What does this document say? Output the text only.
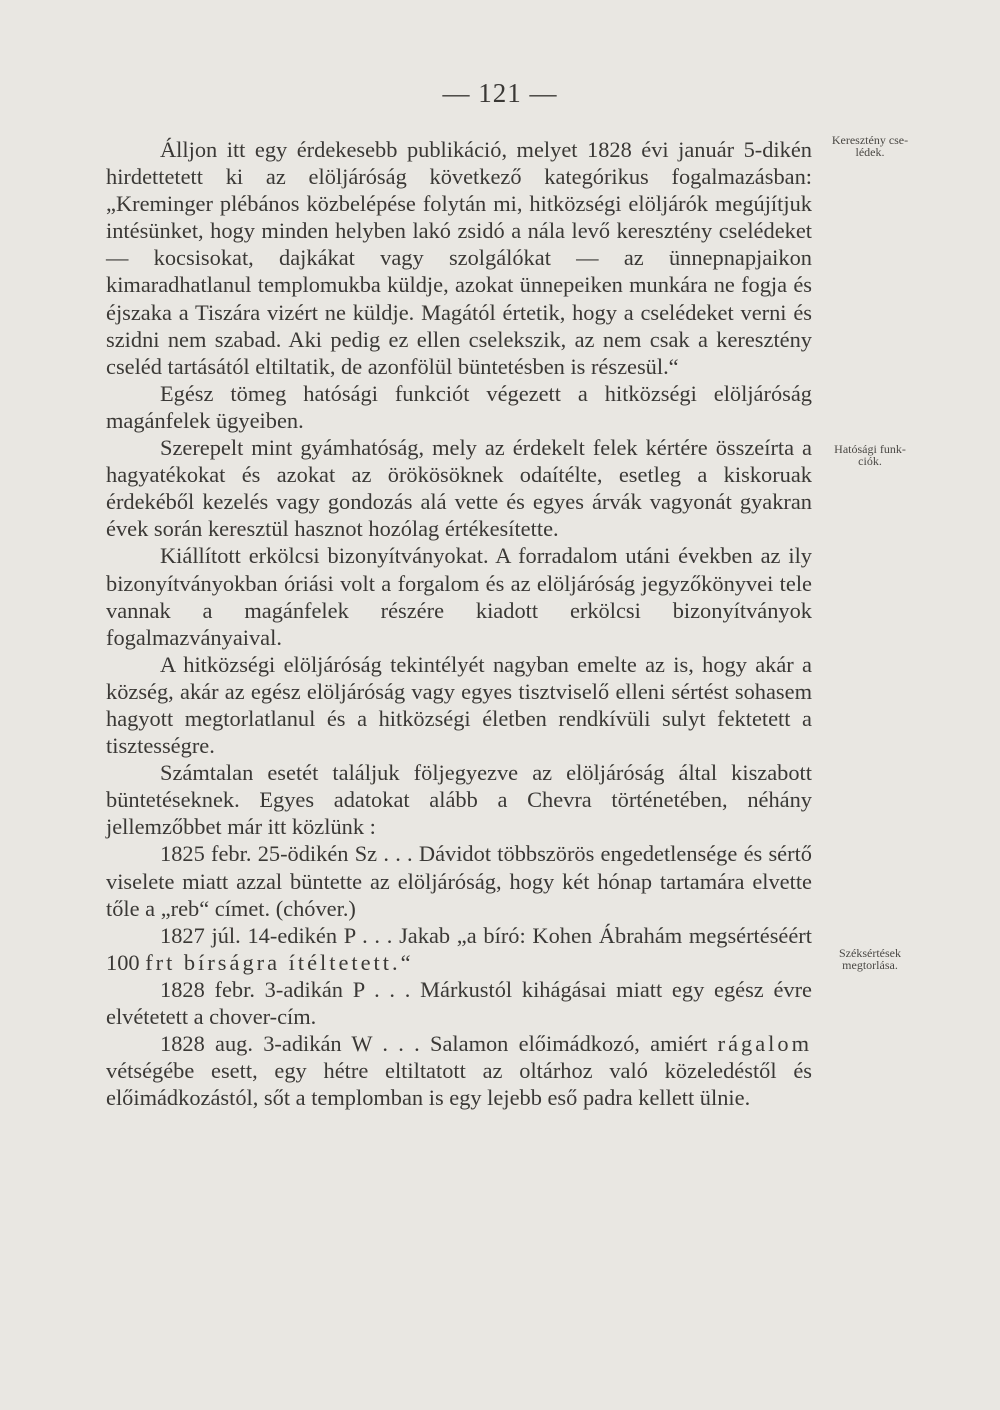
— 121 —
Keresztény cse-
lédek.
Hatósági funk-
ciók.
Széksértések
megtorlása.

Álljon itt egy érdekesebb publikáció, melyet 1828 évi január 5-dikén hirdettetett ki az elöljáróság következő kategórikus fogalmazásban: „Kreminger plébános közbelépése folytán mi, hitközségi elöljárók megújítjuk intésünket, hogy minden helyben lakó zsidó a nála levő keresztény cselédeket — kocsisokat, dajkákat vagy szolgálókat — az ünnepnapjaikon kimaradhatlanul templomukba küldje, azokat ünnepeiken munkára ne fogja és éjszaka a Tiszára vizért ne küldje. Magától értetik, hogy a cselédeket verni és szidni nem szabad. Aki pedig ez ellen cselekszik, az nem csak a keresztény cseléd tartásától eltiltatik, de azonfölül büntetésben is részesül.“

Egész tömeg hatósági funkciót végezett a hitközségi elöljáróság magánfelek ügyeiben.

Szerepelt mint gyámhatóság, mely az érdekelt felek kértére összeírta a hagyatékokat és azokat az örökösöknek odaítélte, esetleg a kiskoruak érdekéből kezelés vagy gondozás alá vette és egyes árvák vagyonát gyakran évek során keresztül hasznot hozólag értékesítette.

Kiállított erkölcsi bizonyítványokat. A forradalom utáni években az ily bizonyítványokban óriási volt a forgalom és az elöljáróság jegyzőkönyvei tele vannak a magánfelek részére kiadott erkölcsi bizonyítványok fogalmazványaival.

A hitközségi elöljáróság tekintélyét nagyban emelte az is, hogy akár a község, akár az egész elöljáróság vagy egyes tisztviselő elleni sértést sohasem hagyott megtorlatlanul és a hitközségi életben rendkívüli sulyt fektetett a tisztességre.

Számtalan esetét találjuk följegyezve az elöljáróság által kiszabott büntetéseknek. Egyes adatokat alább a Chevra történetében, néhány jellemzőbbet már itt közlünk :

1825 febr. 25-ödikén Sz . . . Dávidot többszörös engedetlensége és sértő viselete miatt azzal büntette az elöljáróság, hogy két hónap tartamára elvette tőle a „reb“ címet. (chóver.)

1827 júl. 14-edikén P . . . Jakab „a bíró: Kohen Ábrahám megsértéséért 100 frt bírságra ítéltetett.“

1828 febr. 3-adikán P . . . Márkustól kihágásai miatt egy egész évre elvétetett a chover-cím.

1828 aug. 3-adikán W . . . Salamon előimádkozó, amiért rágalom vétségébe esett, egy hétre eltiltatott az oltárhoz való közeledéstől és előimádkozástól, sőt a templomban is egy lejebb eső padra kellett ülnie.
